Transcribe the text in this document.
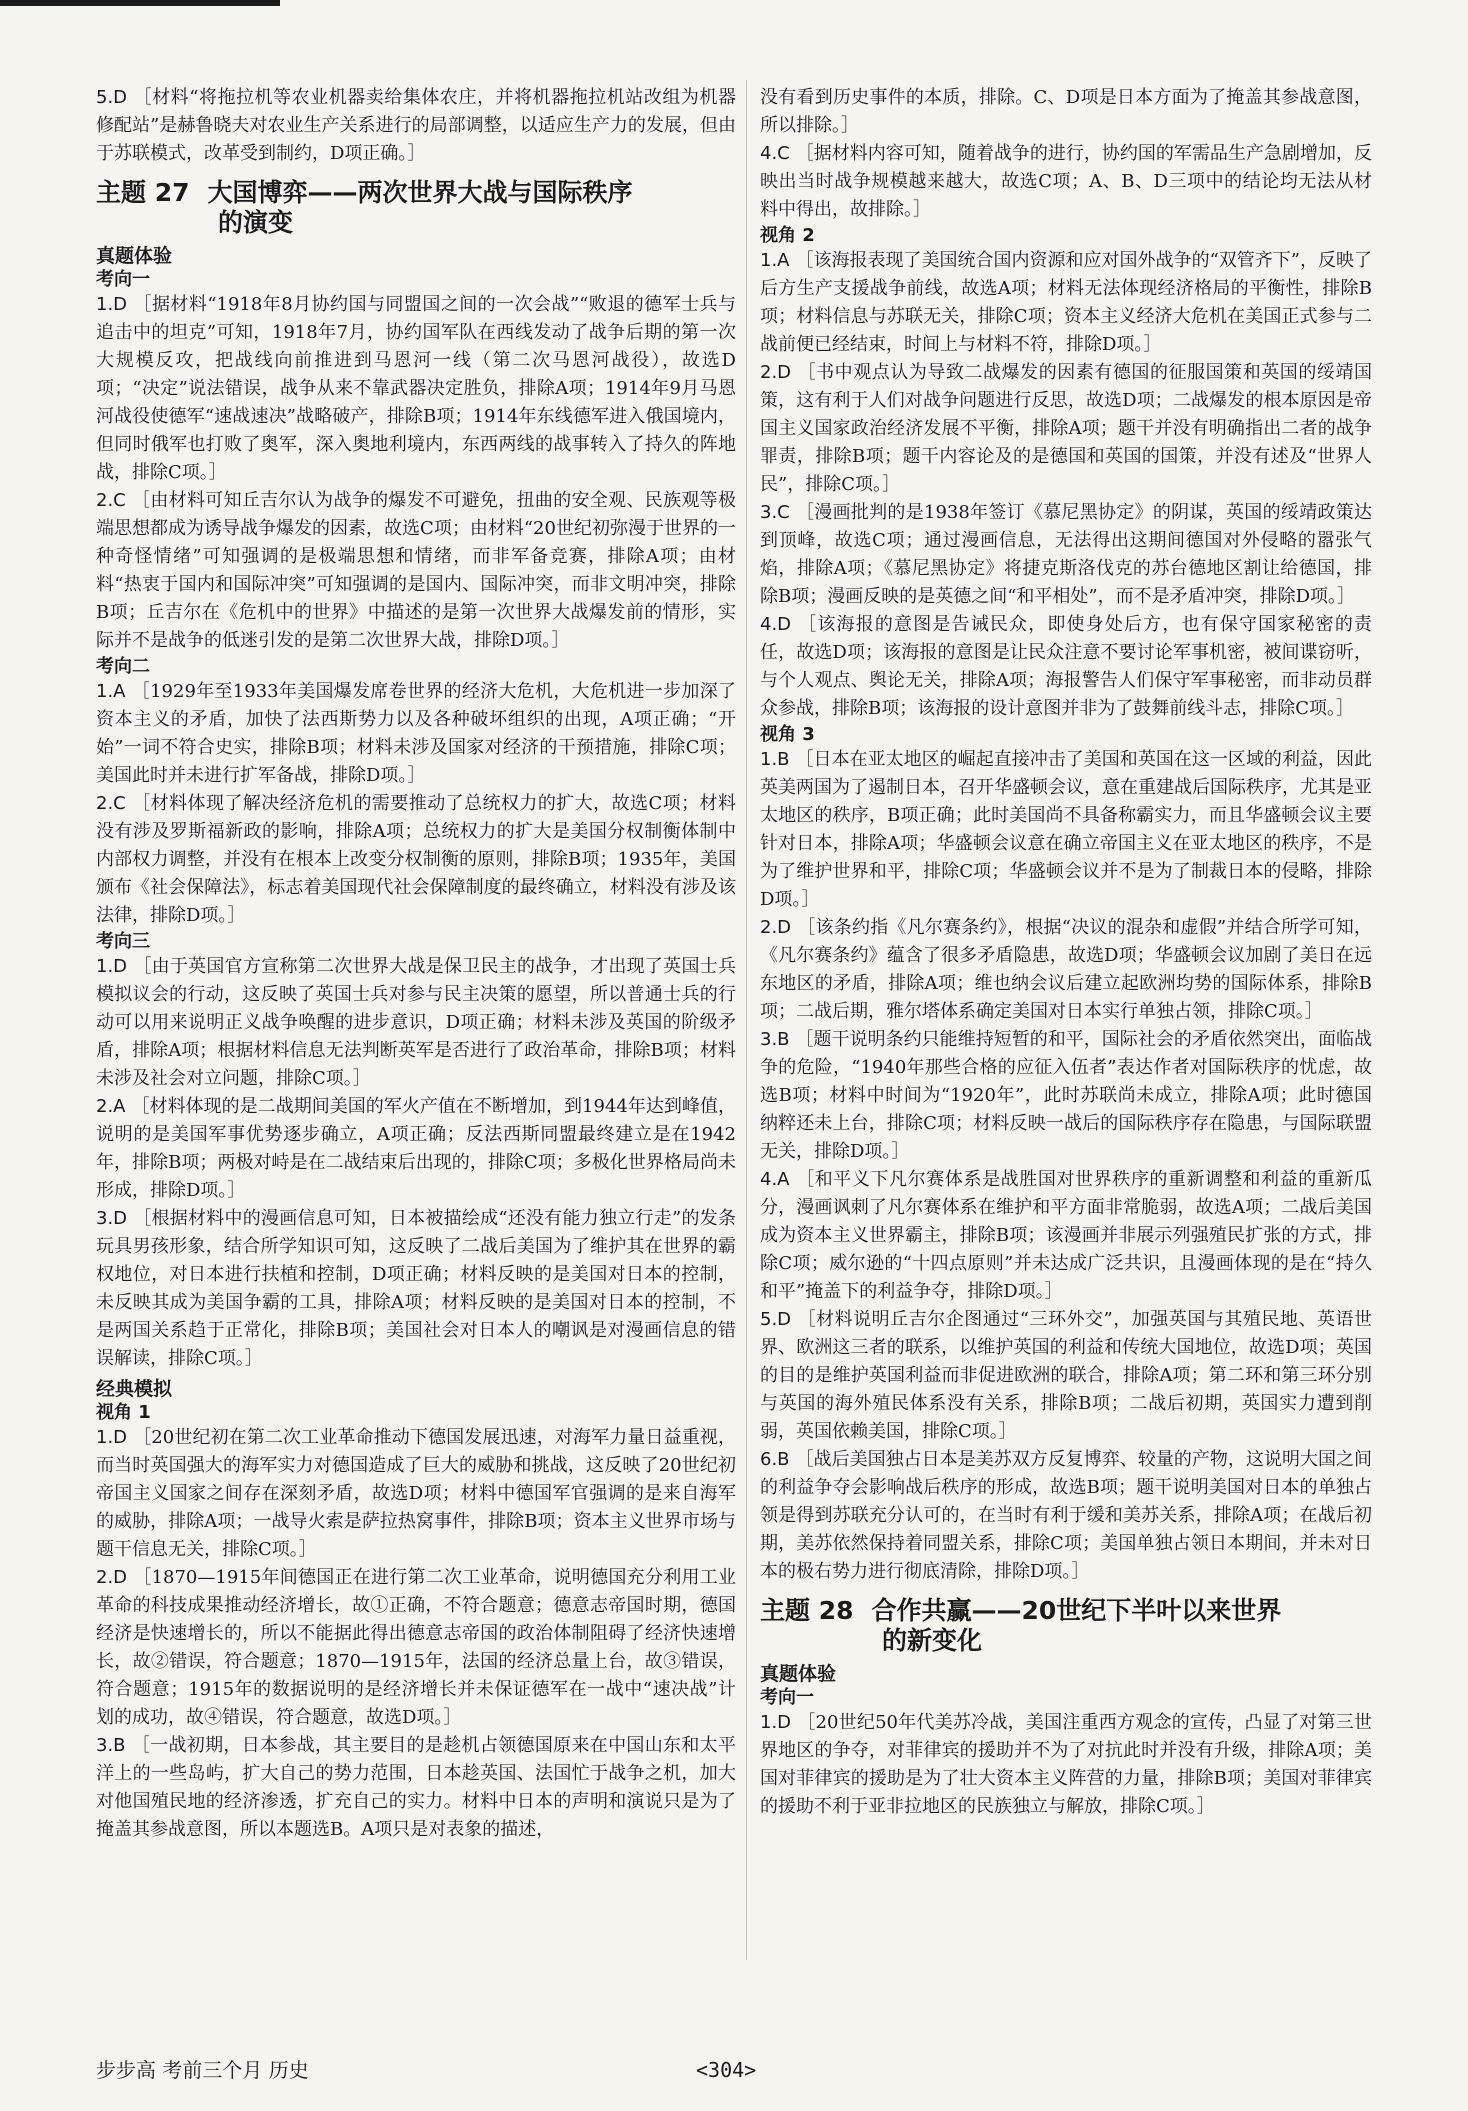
5.D ［材料“将拖拉机等农业机器卖给集体农庄，并将机器拖拉机站改组为机器修配站”是赫鲁晓夫对农业生产关系进行的局部调整，以适应生产力的发展，但由于苏联模式，改革受到制约，D项正确。］

主题 27 大国博弈——两次世界大战与国际秩序
的演变
真题体验
考向一

1.D ［据材料“1918年8月协约国与同盟国之间的一次会战”“败退的德军士兵与追击中的坦克”可知，1918年7月，协约国军队在西线发动了战争后期的第一次大规模反攻，把战线向前推进到马恩河一线（第二次马恩河战役），故选D项；“决定”说法错误，战争从来不靠武器决定胜负，排除A项；1914年9月马恩河战役使德军“速战速决”战略破产，排除B项；1914年东线德军进入俄国境内，但同时俄军也打败了奥军，深入奥地利境内，东西两线的战事转入了持久的阵地战，排除C项。］

2.C ［由材料可知丘吉尔认为战争的爆发不可避免，扭曲的安全观、民族观等极端思想都成为诱导战争爆发的因素，故选C项；由材料“20世纪初弥漫于世界的一种奇怪情绪”可知强调的是极端思想和情绪，而非军备竞赛，排除A项；由材料“热衷于国内和国际冲突”可知强调的是国内、国际冲突，而非文明冲突，排除B项；丘吉尔在《危机中的世界》中描述的是第一次世界大战爆发前的情形，实际并不是战争的低迷引发的是第二次世界大战，排除D项。］

考向二

1.A ［1929年至1933年美国爆发席卷世界的经济大危机，大危机进一步加深了资本主义的矛盾，加快了法西斯势力以及各种破坏组织的出现，A项正确；“开始”一词不符合史实，排除B项；材料未涉及国家对经济的干预措施，排除C项；美国此时并未进行扩军备战，排除D项。］

2.C ［材料体现了解决经济危机的需要推动了总统权力的扩大，故选C项；材料没有涉及罗斯福新政的影响，排除A项；总统权力的扩大是美国分权制衡体制中内部权力调整，并没有在根本上改变分权制衡的原则，排除B项；1935年，美国颁布《社会保障法》，标志着美国现代社会保障制度的最终确立，材料没有涉及该法律，排除D项。］

考向三

1.D ［由于英国官方宣称第二次世界大战是保卫民主的战争，才出现了英国士兵模拟议会的行动，这反映了英国士兵对参与民主决策的愿望，所以普通士兵的行动可以用来说明正义战争唤醒的进步意识，D项正确；材料未涉及英国的阶级矛盾，排除A项；根据材料信息无法判断英军是否进行了政治革命，排除B项；材料未涉及社会对立问题，排除C项。］

2.A ［材料体现的是二战期间美国的军火产值在不断增加，到1944年达到峰值，说明的是美国军事优势逐步确立，A项正确；反法西斯同盟最终建立是在1942年，排除B项；两极对峙是在二战结束后出现的，排除C项；多极化世界格局尚未形成，排除D项。］

3.D ［根据材料中的漫画信息可知，日本被描绘成“还没有能力独立行走”的发条玩具男孩形象，结合所学知识可知，这反映了二战后美国为了维护其在世界的霸权地位，对日本进行扶植和控制，D项正确；材料反映的是美国对日本的控制，未反映其成为美国争霸的工具，排除A项；材料反映的是美国对日本的控制，不是两国关系趋于正常化，排除B项；美国社会对日本人的嘲讽是对漫画信息的错误解读，排除C项。］

经典模拟
视角 1

1.D ［20世纪初在第二次工业革命推动下德国发展迅速，对海军力量日益重视，而当时英国强大的海军实力对德国造成了巨大的威胁和挑战，这反映了20世纪初帝国主义国家之间存在深刻矛盾，故选D项；材料中德国军官强调的是来自海军的威胁，排除A项；一战导火索是萨拉热窝事件，排除B项；资本主义世界市场与题干信息无关，排除C项。］

2.D ［1870—1915年间德国正在进行第二次工业革命，说明德国充分利用工业革命的科技成果推动经济增长，故①正确，不符合题意；德意志帝国时期，德国经济是快速增长的，所以不能据此得出德意志帝国的政治体制阻碍了经济快速增长，故②错误，符合题意；1870—1915年，法国的经济总量上台，故③错误，符合题意；1915年的数据说明的是经济增长并未保证德军在一战中“速决战”计划的成功，故④错误，符合题意，故选D项。］

3.B ［一战初期，日本参战，其主要目的是趁机占领德国原来在中国山东和太平洋上的一些岛屿，扩大自己的势力范围，日本趁英国、法国忙于战争之机，加大对他国殖民地的经济渗透，扩充自己的实力。材料中日本的声明和演说只是为了掩盖其参战意图，所以本题选B。A项只是对表象的描述，

没有看到历史事件的本质，排除。C、D项是日本方面为了掩盖其参战意图，所以排除。］

4.C ［据材料内容可知，随着战争的进行，协约国的军需品生产急剧增加，反映出当时战争规模越来越大，故选C项；A、B、D三项中的结论均无法从材料中得出，故排除。］

视角 2

1.A ［该海报表现了美国统合国内资源和应对国外战争的“双管齐下”，反映了后方生产支援战争前线，故选A项；材料无法体现经济格局的平衡性，排除B项；材料信息与苏联无关，排除C项；资本主义经济大危机在美国正式参与二战前便已经结束，时间上与材料不符，排除D项。］

2.D ［书中观点认为导致二战爆发的因素有德国的征服国策和英国的绥靖国策，这有利于人们对战争问题进行反思，故选D项；二战爆发的根本原因是帝国主义国家政治经济发展不平衡，排除A项；题干并没有明确指出二者的战争罪责，排除B项；题干内容论及的是德国和英国的国策，并没有述及“世界人民”，排除C项。］

3.C ［漫画批判的是1938年签订《慕尼黑协定》的阴谋，英国的绥靖政策达到顶峰，故选C项；通过漫画信息，无法得出这期间德国对外侵略的嚣张气焰，排除A项；《慕尼黑协定》将捷克斯洛伐克的苏台德地区割让给德国，排除B项；漫画反映的是英德之间“和平相处”，而不是矛盾冲突，排除D项。］

4.D ［该海报的意图是告诫民众，即使身处后方，也有保守国家秘密的责任，故选D项；该海报的意图是让民众注意不要讨论军事机密，被间谍窃听，与个人观点、舆论无关，排除A项；海报警告人们保守军事秘密，而非动员群众参战，排除B项；该海报的设计意图并非为了鼓舞前线斗志，排除C项。］

视角 3

1.B ［日本在亚太地区的崛起直接冲击了美国和英国在这一区域的利益，因此英美两国为了遏制日本，召开华盛顿会议，意在重建战后国际秩序，尤其是亚太地区的秩序，B项正确；此时美国尚不具备称霸实力，而且华盛顿会议主要针对日本，排除A项；华盛顿会议意在确立帝国主义在亚太地区的秩序，不是为了维护世界和平，排除C项；华盛顿会议并不是为了制裁日本的侵略，排除D项。］

2.D ［该条约指《凡尔赛条约》，根据“决议的混杂和虚假”并结合所学可知，《凡尔赛条约》蕴含了很多矛盾隐患，故选D项；华盛顿会议加剧了美日在远东地区的矛盾，排除A项；维也纳会议后建立起欧洲均势的国际体系，排除B项；二战后期，雅尔塔体系确定美国对日本实行单独占领，排除C项。］

3.B ［题干说明条约只能维持短暂的和平，国际社会的矛盾依然突出，面临战争的危险，“1940年那些合格的应征入伍者”表达作者对国际秩序的忧虑，故选B项；材料中时间为“1920年”，此时苏联尚未成立，排除A项；此时德国纳粹还未上台，排除C项；材料反映一战后的国际秩序存在隐患，与国际联盟无关，排除D项。］

4.A ［和平义下凡尔赛体系是战胜国对世界秩序的重新调整和利益的重新瓜分，漫画讽刺了凡尔赛体系在维护和平方面非常脆弱，故选A项；二战后美国成为资本主义世界霸主，排除B项；该漫画并非展示列强殖民扩张的方式，排除C项；威尔逊的“十四点原则”并未达成广泛共识，且漫画体现的是在“持久和平”掩盖下的利益争夺，排除D项。］

5.D ［材料说明丘吉尔企图通过“三环外交”，加强英国与其殖民地、英语世界、欧洲这三者的联系，以维护英国的利益和传统大国地位，故选D项；英国的目的是维护英国利益而非促进欧洲的联合，排除A项；第二环和第三环分别与英国的海外殖民体系没有关系，排除B项；二战后初期，英国实力遭到削弱，英国依赖美国，排除C项。］

6.B ［战后美国独占日本是美苏双方反复博弈、较量的产物，这说明大国之间的利益争夺会影响战后秩序的形成，故选B项；题干说明美国对日本的单独占领是得到苏联充分认可的，在当时有利于缓和美苏关系，排除A项；在战后初期，美苏依然保持着同盟关系，排除C项；美国单独占领日本期间，并未对日本的极右势力进行彻底清除，排除D项。］

主题 28 合作共赢——20世纪下半叶以来世界
的新变化
真题体验
考向一

1.D ［20世纪50年代美苏冷战，美国注重西方观念的宣传，凸显了对第三世界地区的争夺，对菲律宾的援助并不为了对抗此时并没有升级，排除A项；美国对菲律宾的援助是为了壮大资本主义阵营的力量，排除B项；美国对菲律宾的援助不利于亚非拉地区的民族独立与解放，排除C项。］

步步高 考前三个月 历史	<304>
